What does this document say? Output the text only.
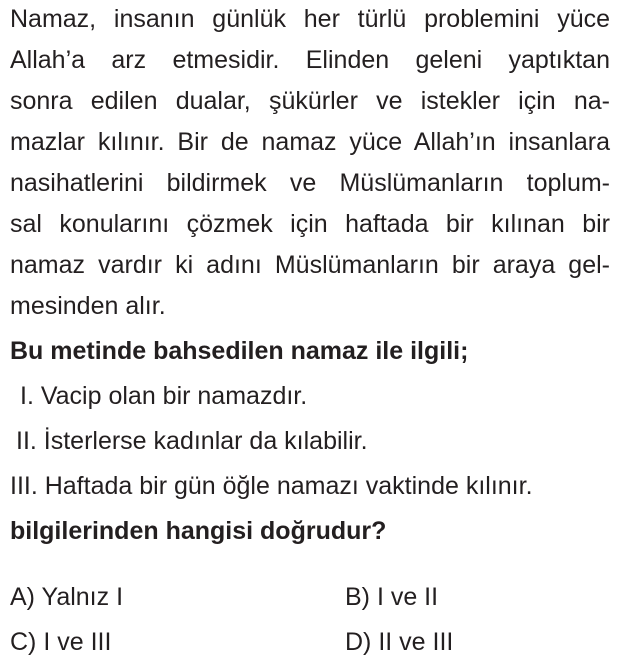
Namaz, insanın günlük her türlü problemini yüce
Allah’a arz etmesidir. Elinden geleni yaptıktan
sonra edilen dualar, şükürler ve istekler için na-
mazlar kılınır. Bir de namaz yüce Allah’ın insanlara
nasihatlerini bildirmek ve Müslümanların toplum-
sal konularını çözmek için haftada bir kılınan bir
namaz vardır ki adını Müslümanların bir araya gel-
mesinden alır.
Bu metinde bahsedilen namaz ile ilgili;
I. Vacip olan bir namazdır.
II. İsterlerse kadınlar da kılabilir.
III. Haftada bir gün öğle namazı vaktinde kılınır.
bilgilerinden hangisi doğrudur?
A) Yalnız I	B) I ve II
C) I ve III	D) II ve III
